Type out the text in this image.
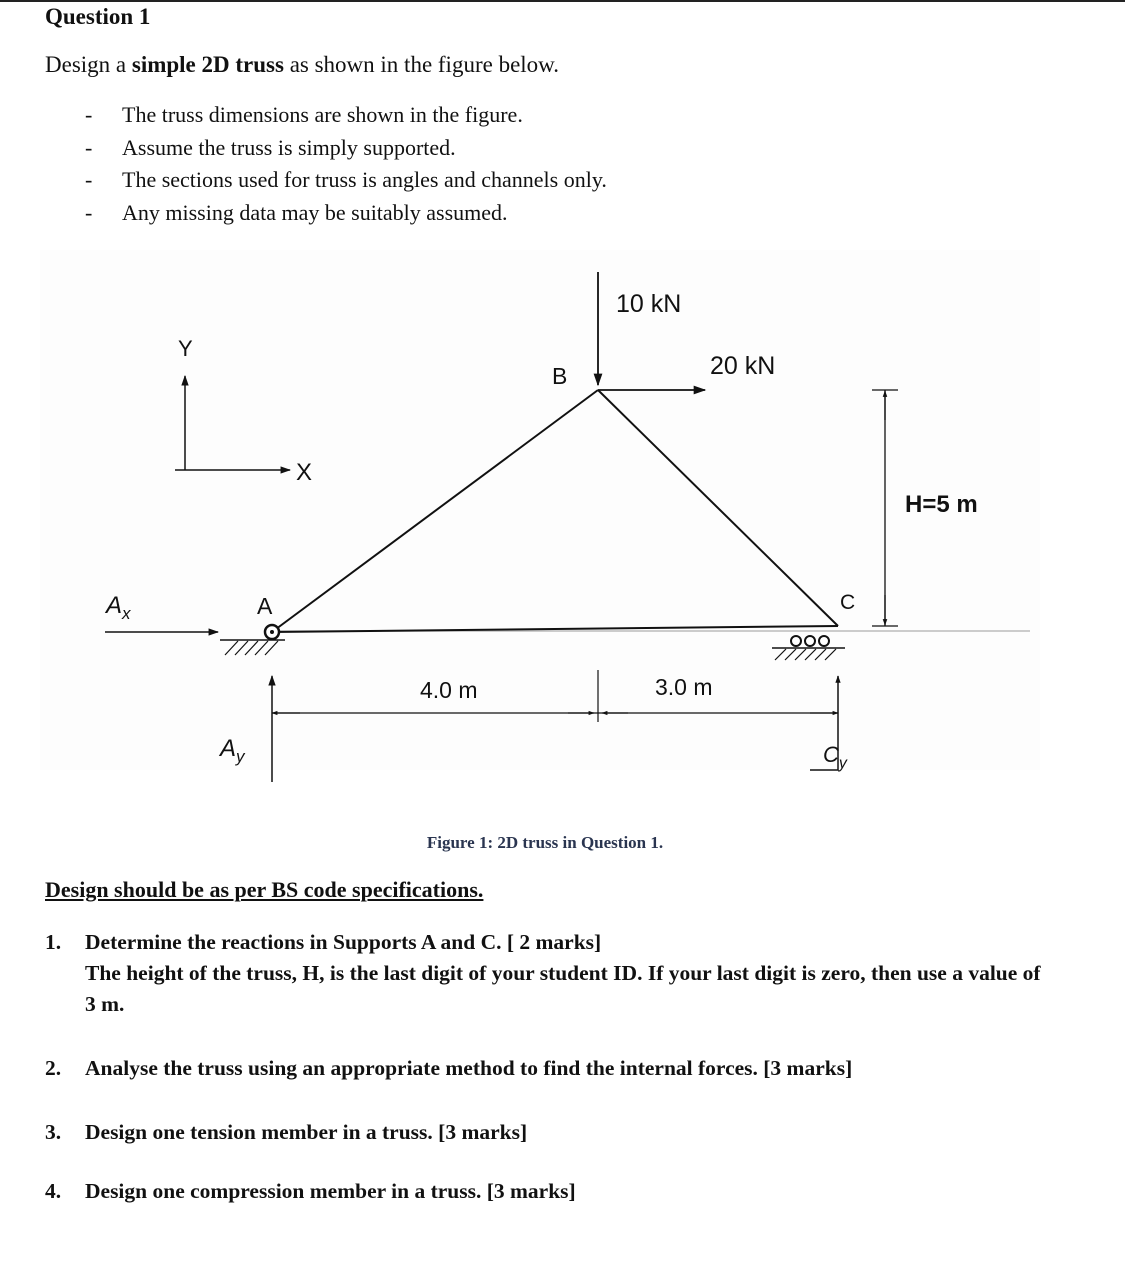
Question 1
Design a simple 2D truss as shown in the figure below.
- The truss dimensions are shown in the figure.
- Assume the truss is simply supported.
- The sections used for truss is angles and channels only.
- Any missing data may be suitably assumed.
Y
X
10 kN
20 kN
B
A	C
$A_x$
$A_y$	$C_y$
4.0 m	3.0 m
H=5 m
Figure 1: 2D truss in Question 1.
Design should be as per BS code specifications.
1. Determine the reactions in Supports A and C. [ 2 marks]
The height of the truss, H, is the last digit of your student ID. If your last digit is zero, then use a value of 3 m.
2. Analyse the truss using an appropriate method to find the internal forces. [3 marks]
3. Design one tension member in a truss. [3 marks]
4. Design one compression member in a truss. [3 marks]
